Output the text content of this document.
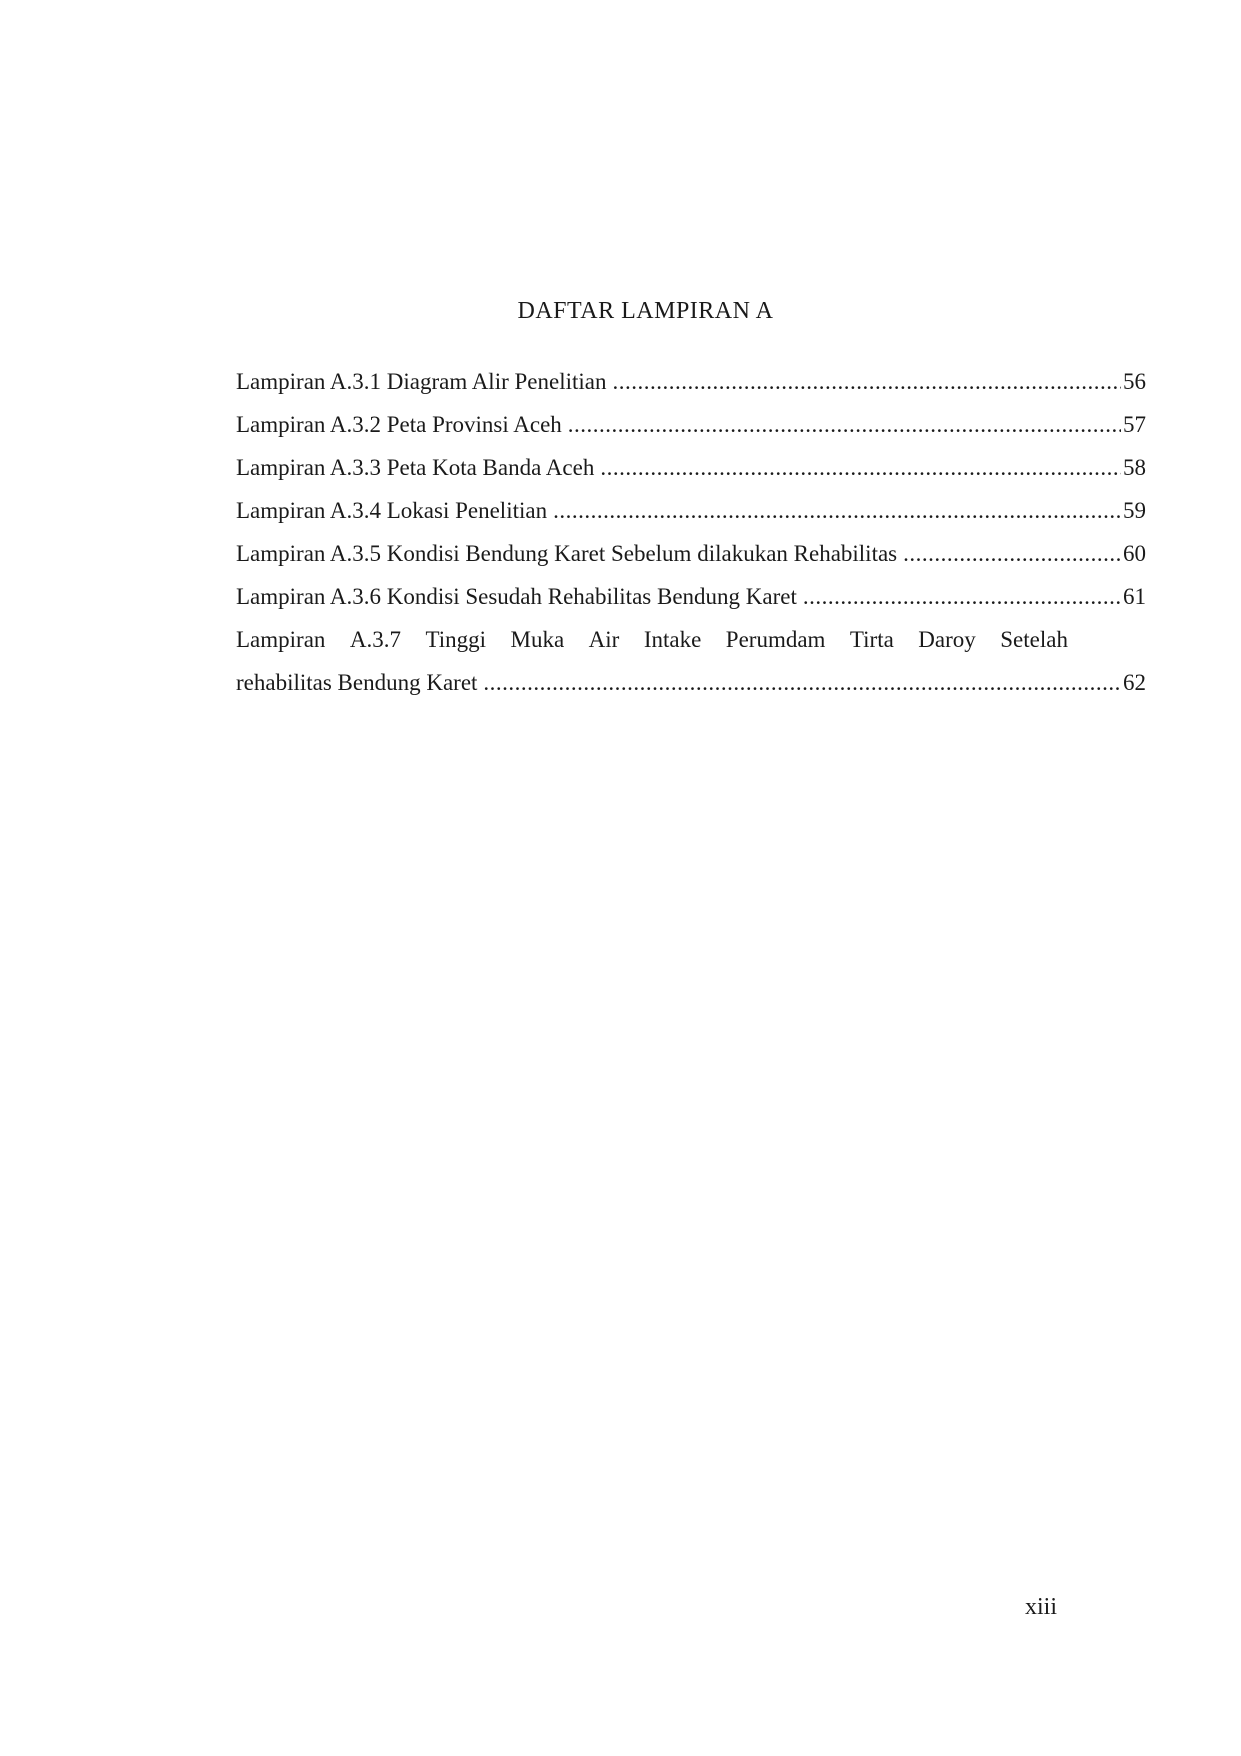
DAFTAR LAMPIRAN A
Lampiran A.3.1 Diagram Alir Penelitian .....	56
Lampiran A.3.2 Peta Provinsi Aceh .....	57
Lampiran A.3.3 Peta Kota Banda Aceh .....	58
Lampiran A.3.4 Lokasi Penelitian .....	59
Lampiran A.3.5 Kondisi Bendung Karet Sebelum dilakukan Rehabilitas .....	60
Lampiran A.3.6 Kondisi Sesudah Rehabilitas Bendung Karet .....	61
Lampiran A.3.7 Tinggi Muka Air Intake Perumdam Tirta Daroy Setelah
rehabilitas Bendung Karet .....	62
xiii
